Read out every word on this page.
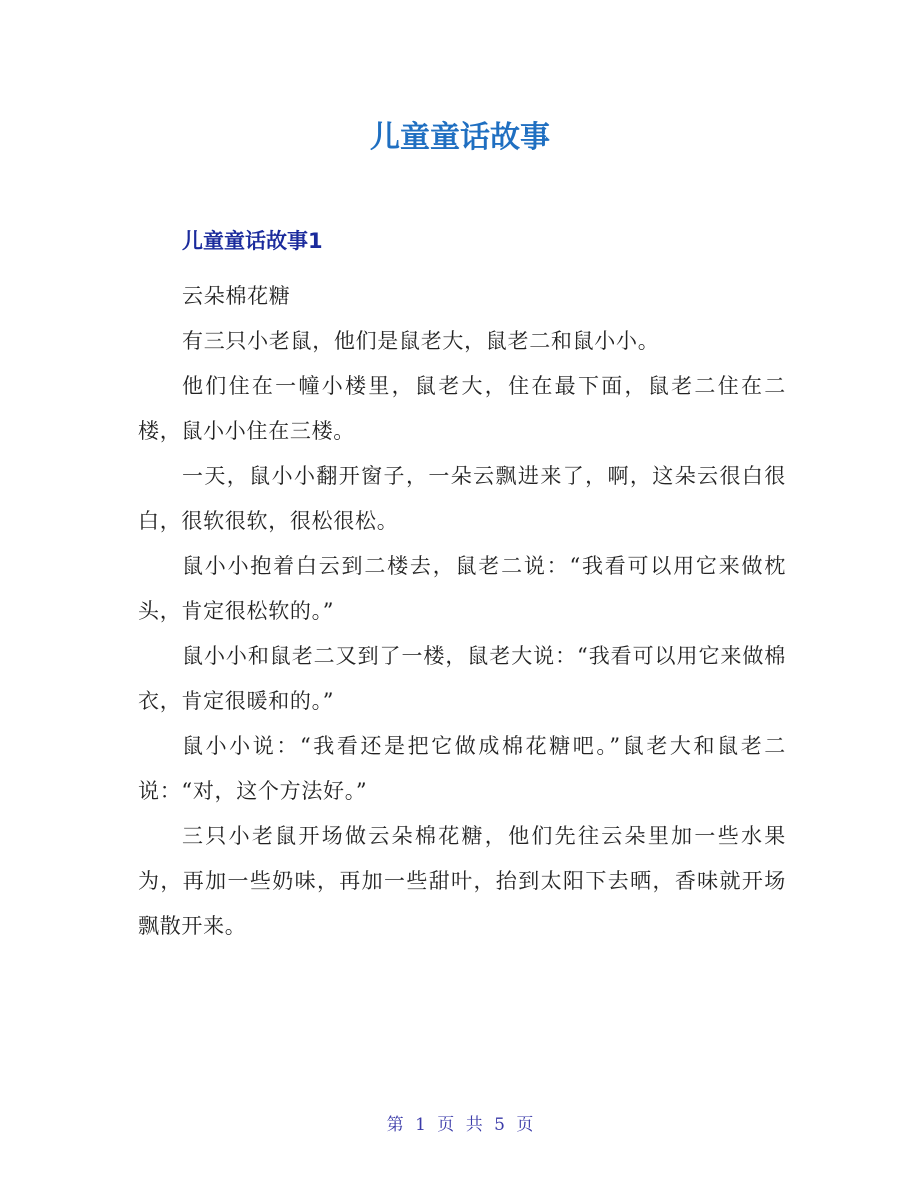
儿童童话故事
儿童童话故事1

云朵棉花糖

有三只小老鼠，他们是鼠老大，鼠老二和鼠小小。

他们住在一幢小楼里，鼠老大，住在最下面，鼠老二住在二楼，鼠小小住在三楼。

一天，鼠小小翻开窗子，一朵云飘进来了，啊，这朵云很白很白，很软很软，很松很松。

鼠小小抱着白云到二楼去，鼠老二说：“我看可以用它来做枕头，肯定很松软的。”

鼠小小和鼠老二又到了一楼，鼠老大说：“我看可以用它来做棉衣，肯定很暖和的。”

鼠小小说：“我看还是把它做成棉花糖吧。”鼠老大和鼠老二说：“对，这个方法好。”

三只小老鼠开场做云朵棉花糖，他们先往云朵里加一些水果为，再加一些奶味，再加一些甜叶，抬到太阳下去晒，香味就开场飘散开来。

第 1 页 共 5 页
